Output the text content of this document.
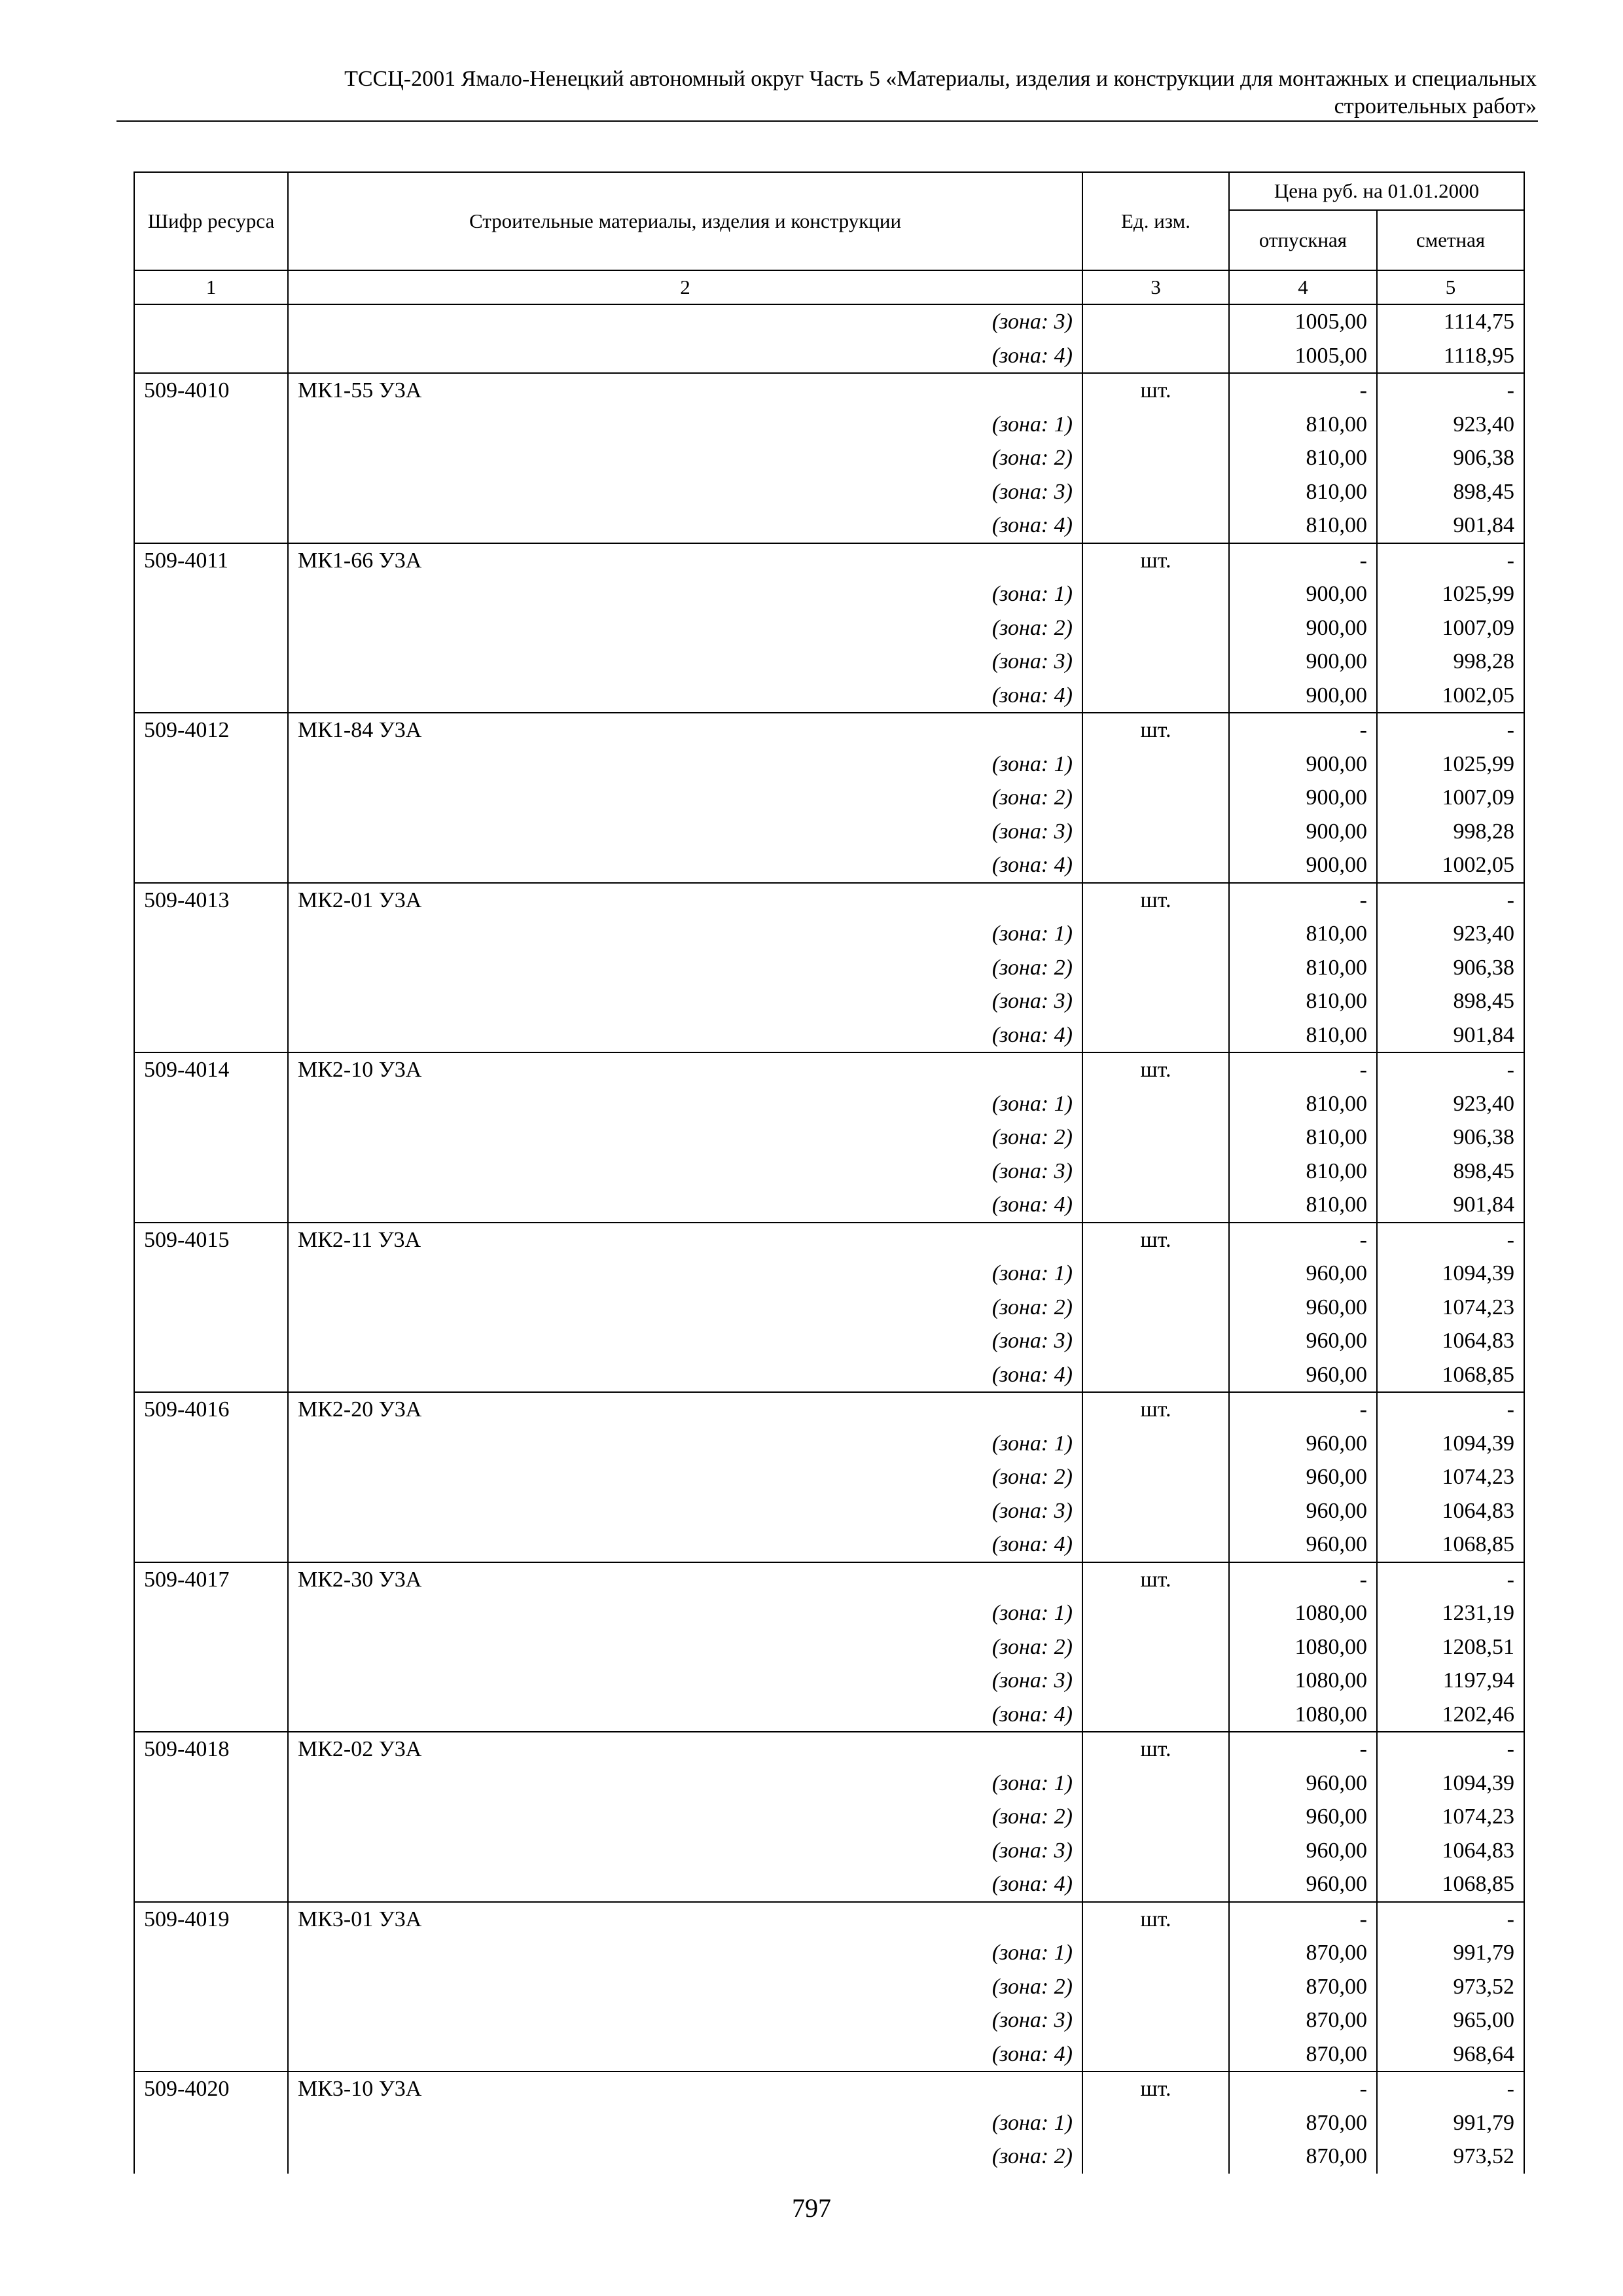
ТССЦ-2001 Ямало-Ненецкий автономный округ Часть 5 «Материалы, изделия и конструкции для монтажных и специальных
строительных работ»
Шифр ресурса	Строительные материалы, изделия и конструкции	Ед. изм.	Цена руб. на 01.01.2000	
			отпускная	сметная
1	2	3	4	5
	(зона: 3)		1005,00	1114,75
	(зона: 4)		1005,00	1118,95
509-4010	МК1-55 У3А	шт.	-	-
	(зона: 1)		810,00	923,40
	(зона: 2)		810,00	906,38
	(зона: 3)		810,00	898,45
	(зона: 4)		810,00	901,84
509-4011	МК1-66 У3А	шт.	-	-
	(зона: 1)		900,00	1025,99
	(зона: 2)		900,00	1007,09
	(зона: 3)		900,00	998,28
	(зона: 4)		900,00	1002,05
509-4012	МК1-84 У3А	шт.	-	-
	(зона: 1)		900,00	1025,99
	(зона: 2)		900,00	1007,09
	(зона: 3)		900,00	998,28
	(зона: 4)		900,00	1002,05
509-4013	МК2-01 У3А	шт.	-	-
	(зона: 1)		810,00	923,40
	(зона: 2)		810,00	906,38
	(зона: 3)		810,00	898,45
	(зона: 4)		810,00	901,84
509-4014	МК2-10 У3А	шт.	-	-
	(зона: 1)		810,00	923,40
	(зона: 2)		810,00	906,38
	(зона: 3)		810,00	898,45
	(зона: 4)		810,00	901,84
509-4015	МК2-11 У3А	шт.	-	-
	(зона: 1)		960,00	1094,39
	(зона: 2)		960,00	1074,23
	(зона: 3)		960,00	1064,83
	(зона: 4)		960,00	1068,85
509-4016	МК2-20 У3А	шт.	-	-
	(зона: 1)		960,00	1094,39
	(зона: 2)		960,00	1074,23
	(зона: 3)		960,00	1064,83
	(зона: 4)		960,00	1068,85
509-4017	МК2-30 У3А	шт.	-	-
	(зона: 1)		1080,00	1231,19
	(зона: 2)		1080,00	1208,51
	(зона: 3)		1080,00	1197,94
	(зона: 4)		1080,00	1202,46
509-4018	МК2-02 У3А	шт.	-	-
	(зона: 1)		960,00	1094,39
	(зона: 2)		960,00	1074,23
	(зона: 3)		960,00	1064,83
	(зона: 4)		960,00	1068,85
509-4019	МК3-01 У3А	шт.	-	-
	(зона: 1)		870,00	991,79
	(зона: 2)		870,00	973,52
	(зона: 3)		870,00	965,00
	(зона: 4)		870,00	968,64
509-4020	МК3-10 У3А	шт.	-	-
	(зона: 1)		870,00	991,79
	(зона: 2)		870,00	973,52
797
